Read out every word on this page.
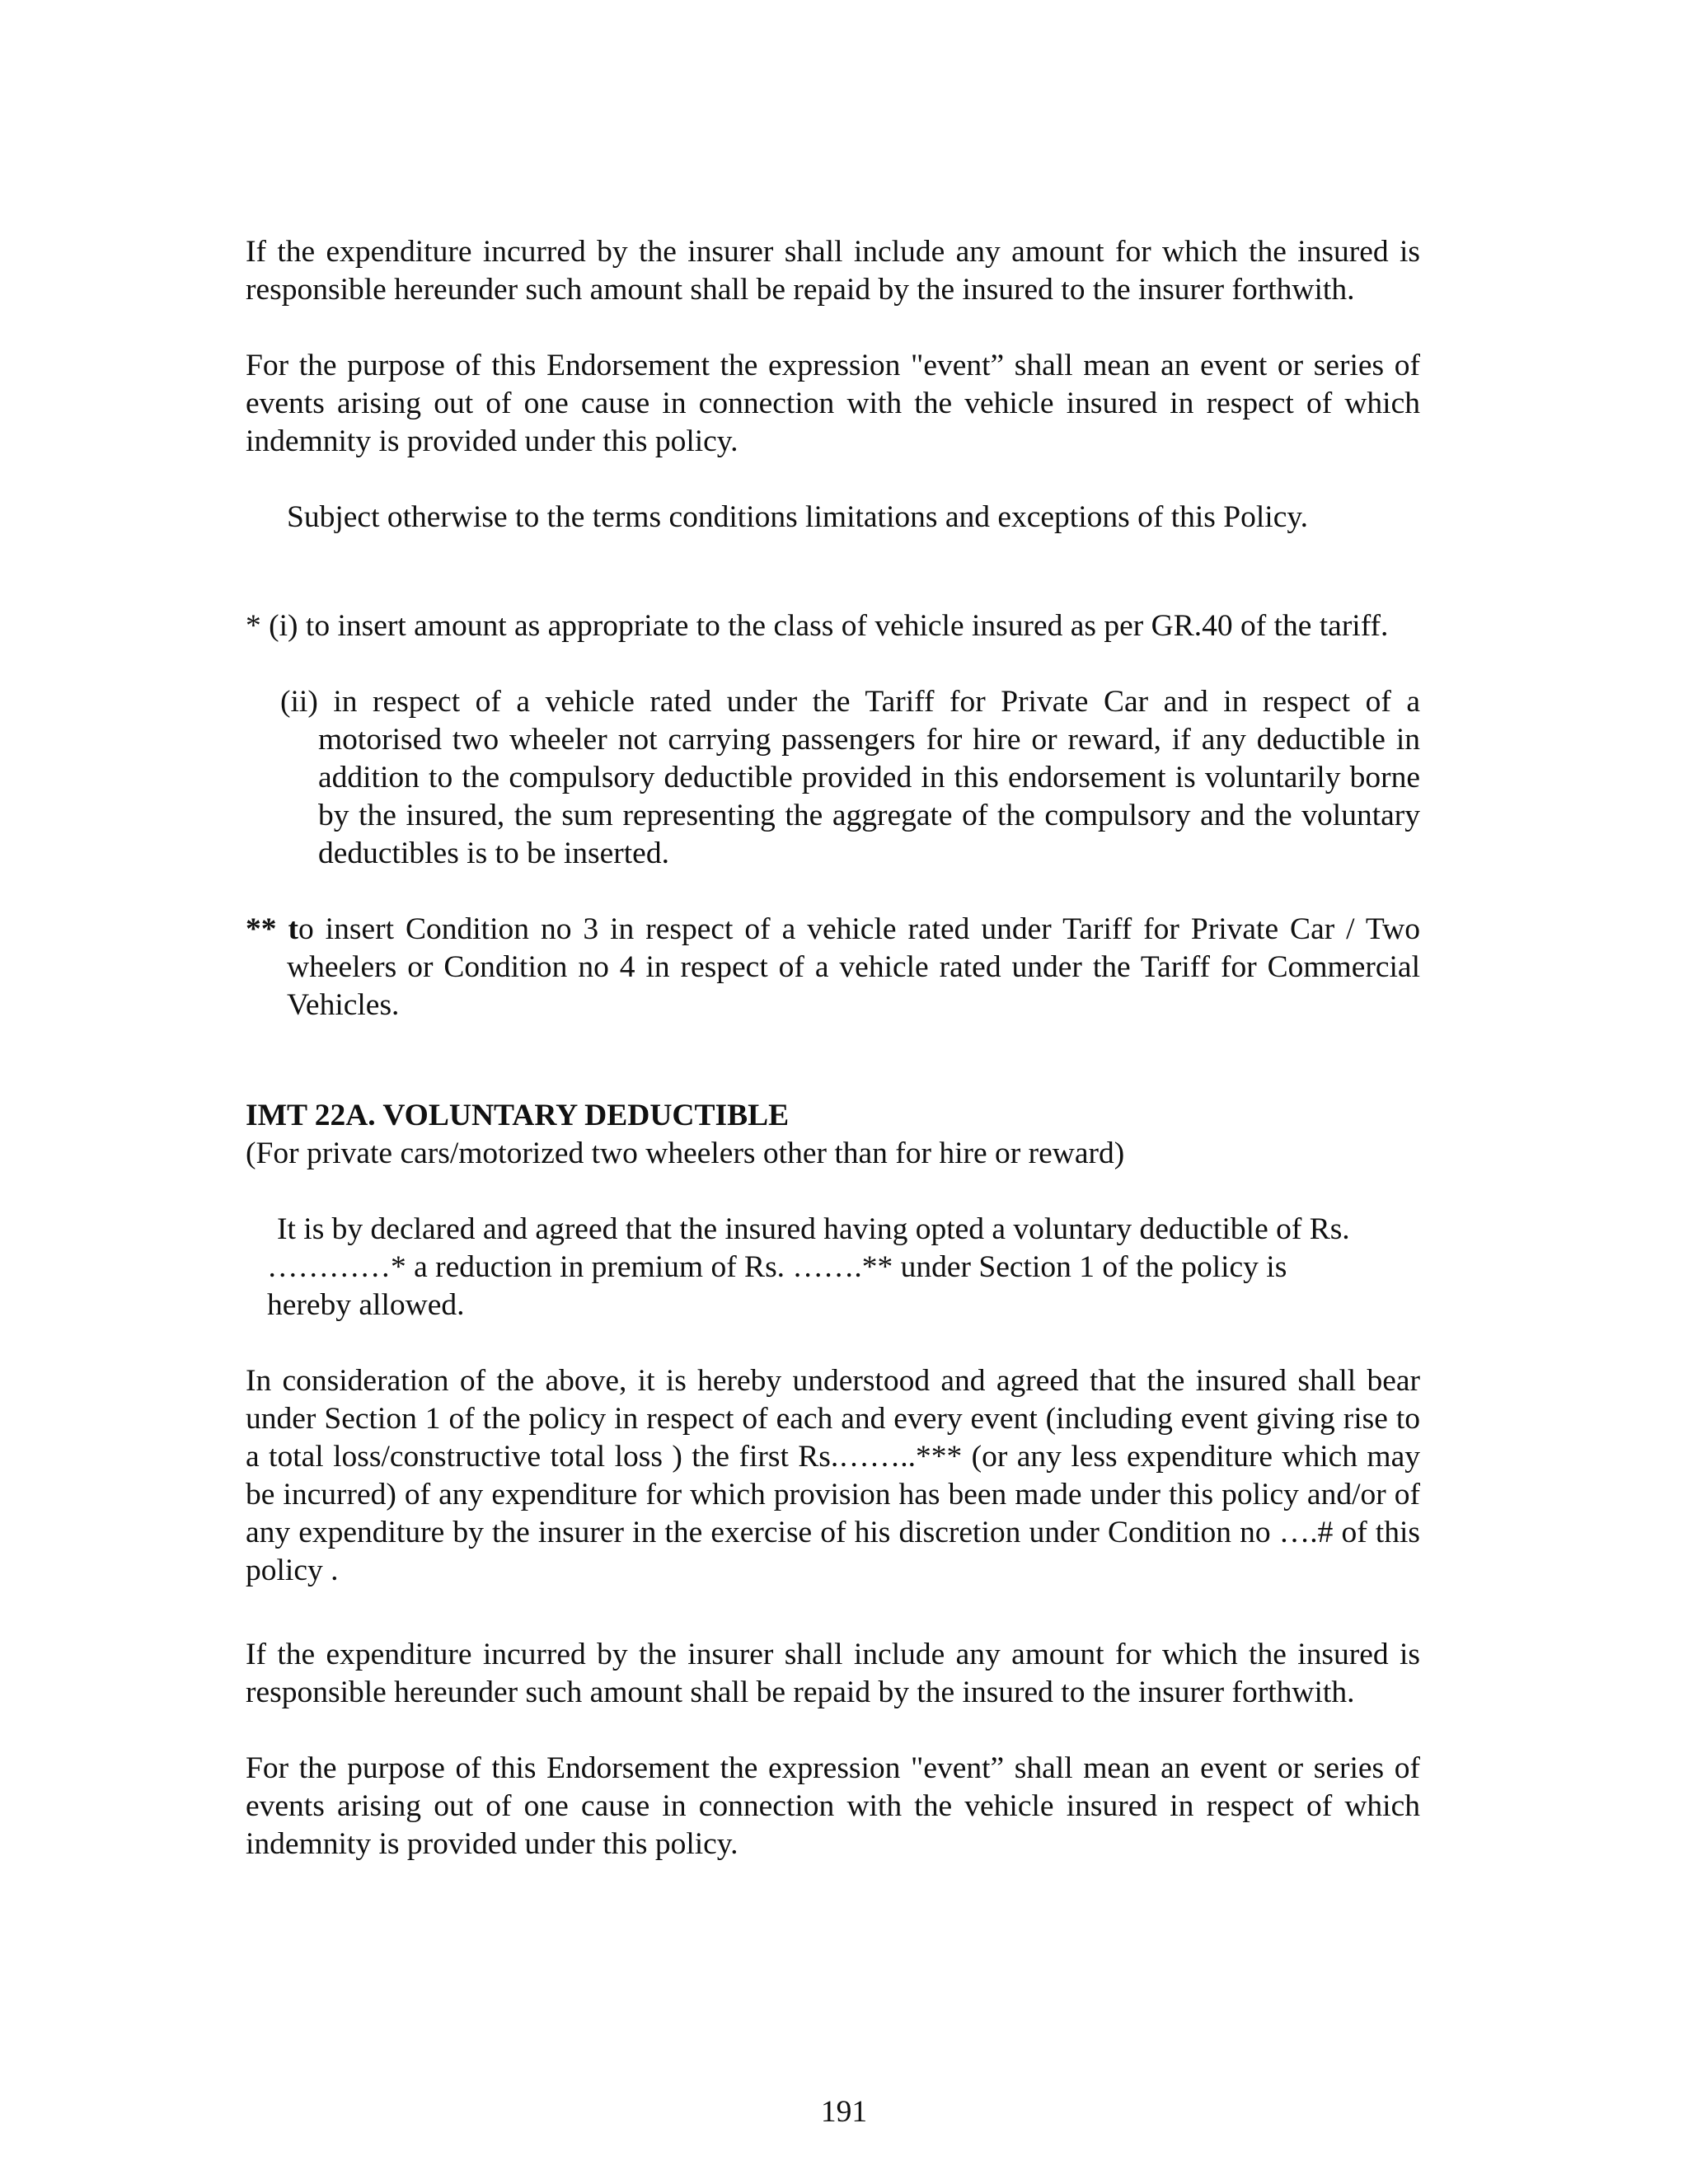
If the expenditure incurred by the insurer shall include any amount for which the insured is responsible hereunder such amount shall be repaid by the insured to the insurer forthwith.

For the purpose of this Endorsement the expression "event” shall mean an event or series of events arising out of one cause in connection with the vehicle insured in respect of which indemnity is provided under this policy.

Subject otherwise to the terms conditions limitations and exceptions of this Policy.

* (i) to insert amount as appropriate to the class of vehicle insured as per GR.40 of the tariff.
(ii) in respect of a vehicle rated under the Tariff for Private Car and in respect of a motorised two wheeler not carrying passengers for hire or reward, if any deductible in addition to the compulsory deductible provided in this endorsement is voluntarily borne by the insured, the sum representing the aggregate of the compulsory and the voluntary deductibles is to be inserted.
** to insert Condition no 3 in respect of a vehicle rated under Tariff for Private Car / Two wheelers or Condition no 4 in respect of a vehicle rated under the Tariff for Commercial Vehicles.

IMT 22A. VOLUNTARY DEDUCTIBLE

(For private cars/motorized two wheelers other than for hire or reward)

It is by declared and agreed that the insured having opted a voluntary deductible of Rs. …………* a reduction in premium of Rs. …….** under Section 1 of the policy is hereby allowed.

In consideration of the above, it is hereby understood and agreed that the insured shall bear under Section 1 of the policy in respect of each and every event (including event giving rise to a total loss/constructive total loss ) the first Rs.……..*** (or any less expenditure which may be incurred) of any expenditure for which provision has been made under this policy and/or of any expenditure by the insurer in the exercise of his discretion under Condition no ….# of this policy .

If the expenditure incurred by the insurer shall include any amount for which the insured is responsible hereunder such amount shall be repaid by the insured to the insurer forthwith.

For the purpose of this Endorsement the expression "event” shall mean an event or series of events arising out of one cause in connection with the vehicle insured in respect of which indemnity is provided under this policy.

191
